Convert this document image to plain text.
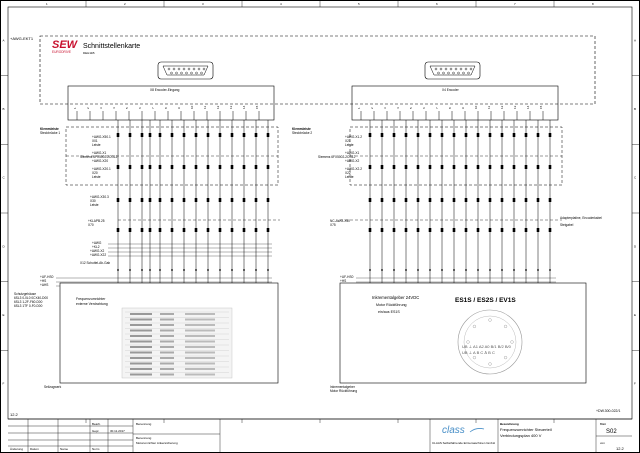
1	2	3	4	5	6	7	8
A	A
B	B
C	C
D	D
E	E
F	F
+AWG-EKT1
SEW
EURODRIVE
Schnittstellenkarte
DEH11B
X8 Encoder-Eingang	X4 Encoder
1	2	3	4	5	6	7	8	9	10	11	12	13	14	15	1	2	3	4	5	6	7	8	9	10	11	12	13	14	15
Klemmleiste
Steckbrücke 1
+AWG-X50.1
X01
Leiste
+AWG-X1
Siemens 6FX5002-2CG12
+AWG-X20
+AWG-X20.1
X20
Leiste
+AWG-X30.3
X30
Leiste
+KLAPB.25
X70
+AWG
+KL2
+AWG-X2
+AWG-X22
X12 Schuttel-Ab-Gab
+UF-HS0
+HS
+AHS
Schutzgehäuse
6SL3 0-0L0 0CX40-D00
6SL3 1-2F-F60-D00
6SL3 1TF 0-F0-D00
Seilzugwerk
Klemmleiste
Steckbrücke 2
+AWG-X1.2
X21
Leiste
+AWG-X1
Siemens 6FX5002-2CG12
+AWG-X2
+AWG-X2.2
X22
Leiste
NC-AWG-X50
X75
+UF-HS0
+HS
Adapterplatine, Encoderkabel
Steigabel
Inkrementalgeber
Motor Rückführung
Frequenzumrichter
externe Verdrahtung
Inkrementalgeber 24VDC
Motor Rückführung
ein/aus ES1S
ES1S / ES2S / EV1S
UB ⊥ A1 A2 A0 B/1 B/2 B/0
UB ⊥ A B C Ā B C
12.2
+DW.300-022/1
Änderung Datum	Name	Norm
Bearb.
Gepr.	30.11.2017
Benennung
Benennung
Motorumrichter Ankersicherung
class
CLAAS Selbstfahrende Erntemaschinen GmbH
Bezeichnung
Frequenzumrichter Steuerteil
Verbindungsplan 400 V
Blatt
S02
von
12.2
